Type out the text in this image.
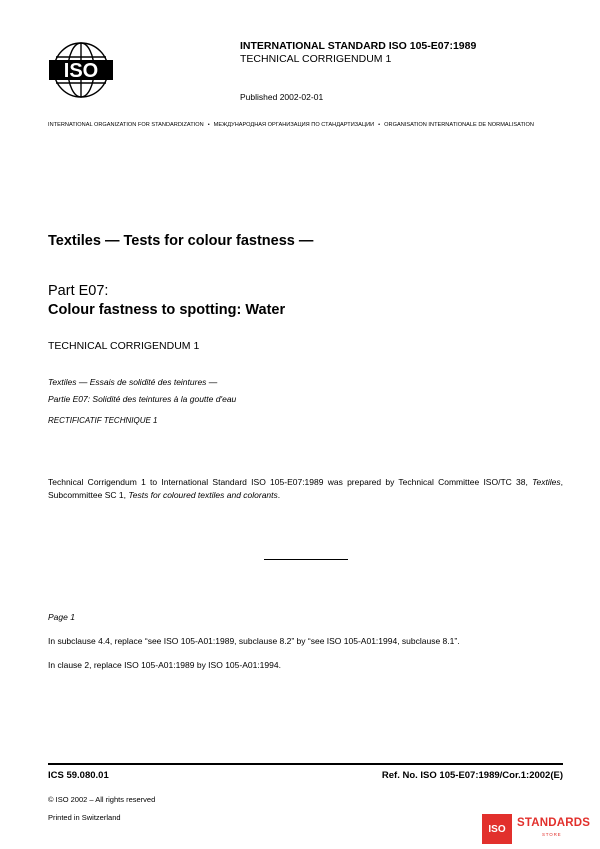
ISO
INTERNATIONAL STANDARD ISO 105-E07:1989
TECHNICAL CORRIGENDUM 1
Published 2002-02-01
INTERNATIONAL ORGANIZATION FOR STANDARDIZATION • МЕЖДУНАРОДНАЯ ОРГАНИЗАЦИЯ ПО СТАНДАРТИЗАЦИИ • ORGANISATION INTERNATIONALE DE NORMALISATION
Textiles — Tests for colour fastness —
Part E07:
Colour fastness to spotting: Water
TECHNICAL CORRIGENDUM 1
Textiles — Essais de solidité des teintures —
Partie E07: Solidité des teintures à la goutte d'eau
RECTIFICATIF TECHNIQUE 1
Technical Corrigendum 1 to International Standard ISO 105-E07:1989 was prepared by Technical Committee ISO/TC 38, Textiles, Subcommittee SC 1, Tests for coloured textiles and colorants.
Page 1
In subclause 4.4, replace “see ISO 105-A01:1989, subclause 8.2” by “see ISO 105-A01:1994, subclause 8.1”.
In clause 2, replace ISO 105-A01:1989 by ISO 105-A01:1994.
ICS 59.080.01	Ref. No. ISO 105-E07:1989/Cor.1:2002(E)
© ISO 2002 – All rights reserved
Printed in Switzerland
ISO STANDARDS
STORE
